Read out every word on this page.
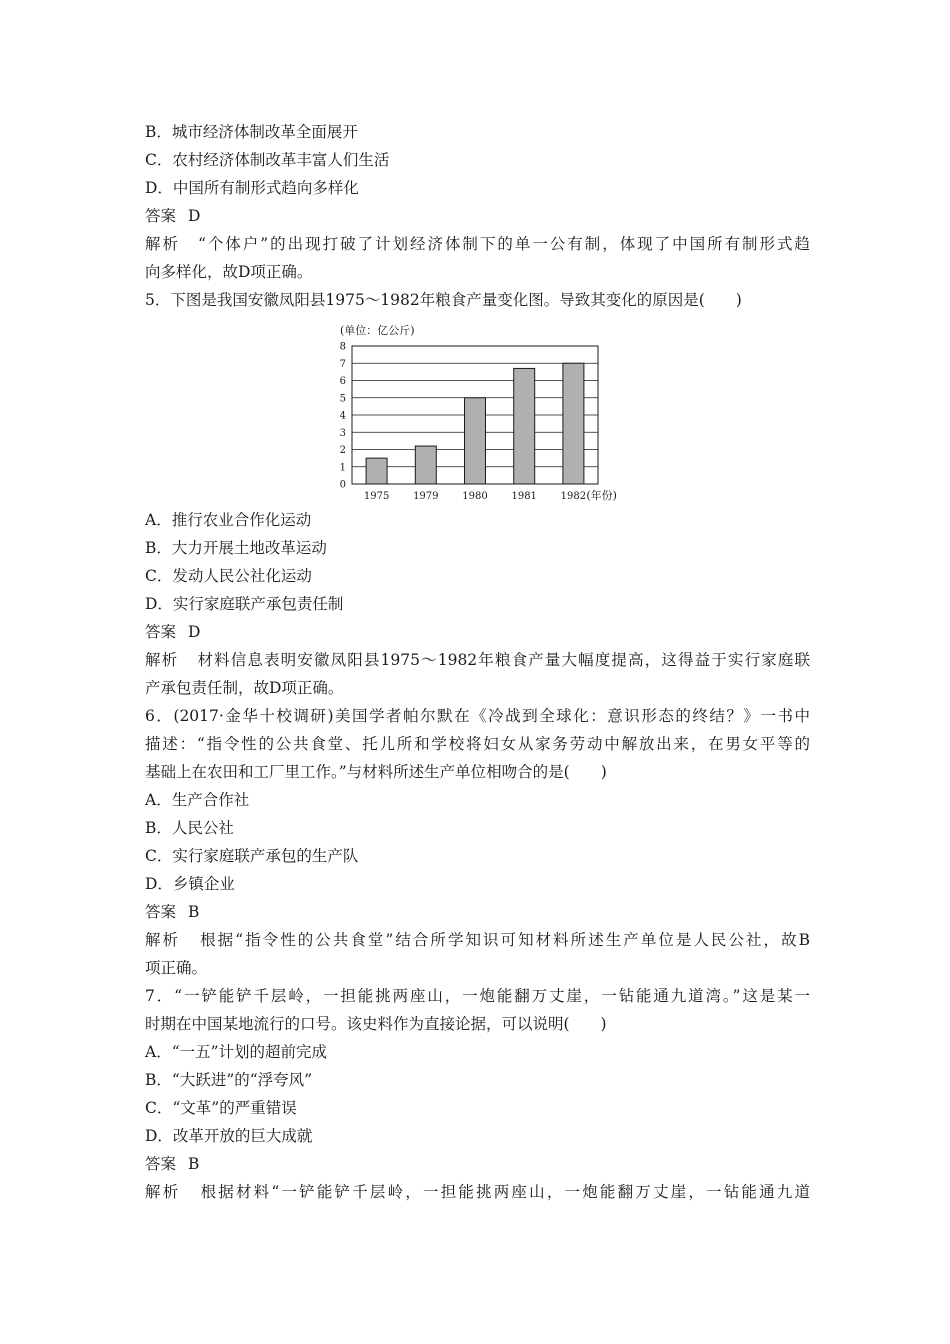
B．城市经济体制改革全面展开
C．农村经济体制改革丰富人们生活
D．中国所有制形式趋向多样化
答案 D
解析 “个体户”的出现打破了计划经济体制下的单一公有制，体现了中国所有制形式趋
向多样化，故D项正确。
5．下图是我国安徽凤阳县1975～1982年粮食产量变化图。导致其变化的原因是(　　)
(单位：亿公斤)
0
1
2
3
4
5
6
7
8
1975 1979 1980 1981 1982 (年份)
A．推行农业合作化运动
B．大力开展土地改革运动
C．发动人民公社化运动
D．实行家庭联产承包责任制
答案 D
解析 材料信息表明安徽凤阳县1975～1982年粮食产量大幅度提高，这得益于实行家庭联
产承包责任制，故D项正确。
6．(2017·金华十校调研)美国学者帕尔默在《冷战到全球化：意识形态的终结？》一书中
描述：“指令性的公共食堂、托儿所和学校将妇女从家务劳动中解放出来，在男女平等的
基础上在农田和工厂里工作。”与材料所述生产单位相吻合的是(　　)
A．生产合作社
B．人民公社
C．实行家庭联产承包的生产队
D．乡镇企业
答案 B
解析 根据“指令性的公共食堂”结合所学知识可知材料所述生产单位是人民公社，故B
项正确。
7．“一铲能铲千层岭，一担能挑两座山，一炮能翻万丈崖，一钻能通九道湾。”这是某一
时期在中国某地流行的口号。该史料作为直接论据，可以说明(　　)
A．“一五”计划的超前完成
B．“大跃进”的“浮夸风”
C．“文革”的严重错误
D．改革开放的巨大成就
答案 B
解析 根据材料“一铲能铲千层岭，一担能挑两座山，一炮能翻万丈崖，一钻能通九道
